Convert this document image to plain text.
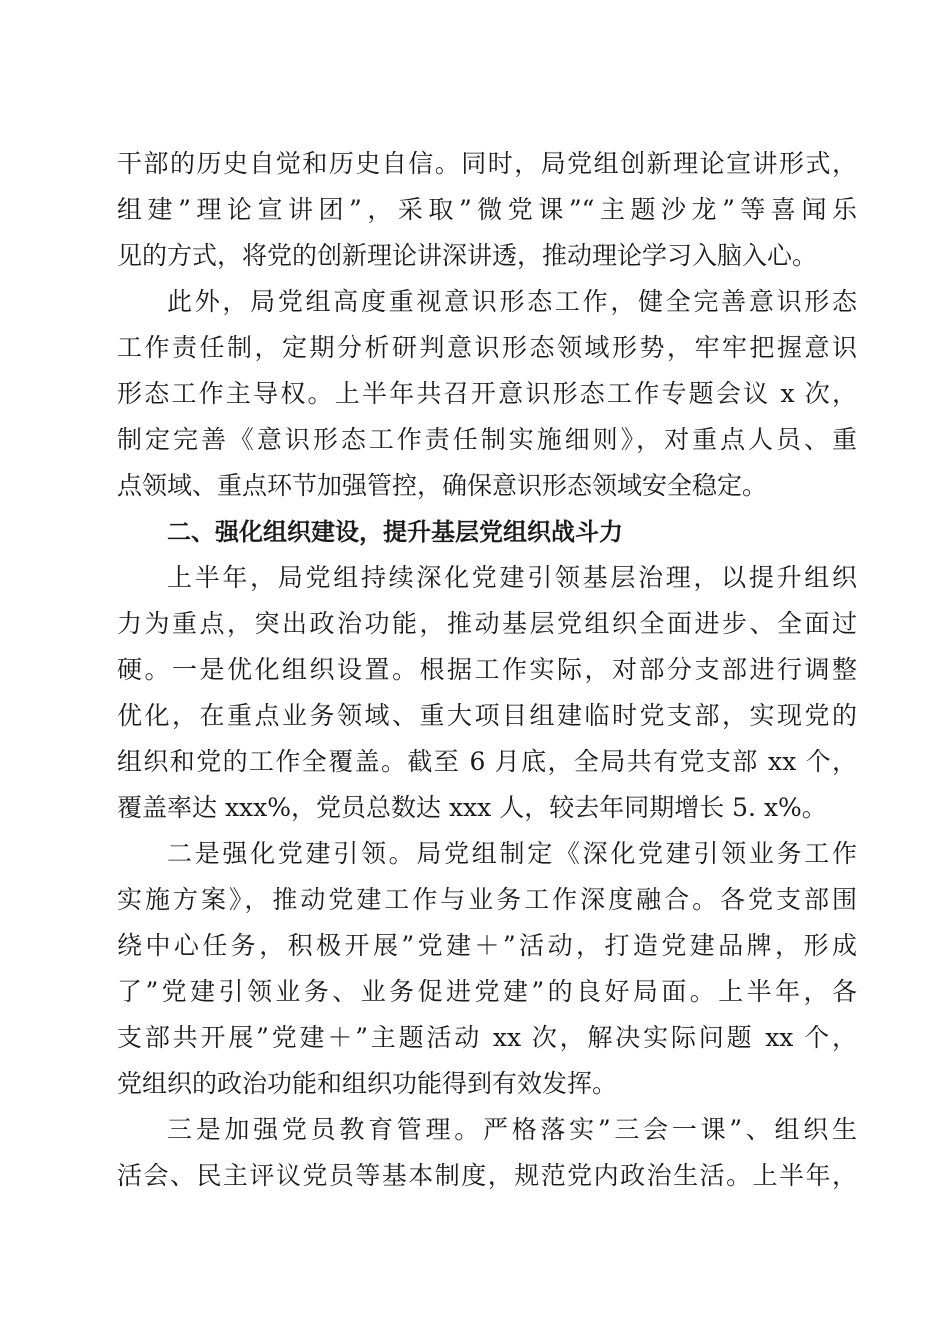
干部的历史自觉和历史自信。同时，局党组创新理论宣讲形式，
组建”理论宣讲团”，采取”微党课”“主题沙龙”等喜闻乐
见的方式，将党的创新理论讲深讲透，推动理论学习入脑入心。
此外，局党组高度重视意识形态工作，健全完善意识形态
工作责任制，定期分析研判意识形态领域形势，牢牢把握意识
形态工作主导权。上半年共召开意识形态工作专题会议 x 次，
制定完善《意识形态工作责任制实施细则》，对重点人员、重
点领域、重点环节加强管控，确保意识形态领域安全稳定。
二、强化组织建设，提升基层党组织战斗力
上半年，局党组持续深化党建引领基层治理，以提升组织
力为重点，突出政治功能，推动基层党组织全面进步、全面过
硬。一是优化组织设置。根据工作实际，对部分支部进行调整
优化，在重点业务领域、重大项目组建临时党支部，实现党的
组织和党的工作全覆盖。截至 6 月底，全局共有党支部 xx 个，
覆盖率达 xxx%，党员总数达 xxx 人，较去年同期增长 5. x%。
二是强化党建引领。局党组制定《深化党建引领业务工作
实施方案》，推动党建工作与业务工作深度融合。各党支部围
绕中心任务，积极开展”党建＋”活动，打造党建品牌，形成
了”党建引领业务、业务促进党建”的良好局面。上半年，各
支部共开展”党建＋”主题活动 xx 次，解决实际问题 xx 个，
党组织的政治功能和组织功能得到有效发挥。
三是加强党员教育管理。严格落实”三会一课”、组织生
活会、民主评议党员等基本制度，规范党内政治生活。上半年，
